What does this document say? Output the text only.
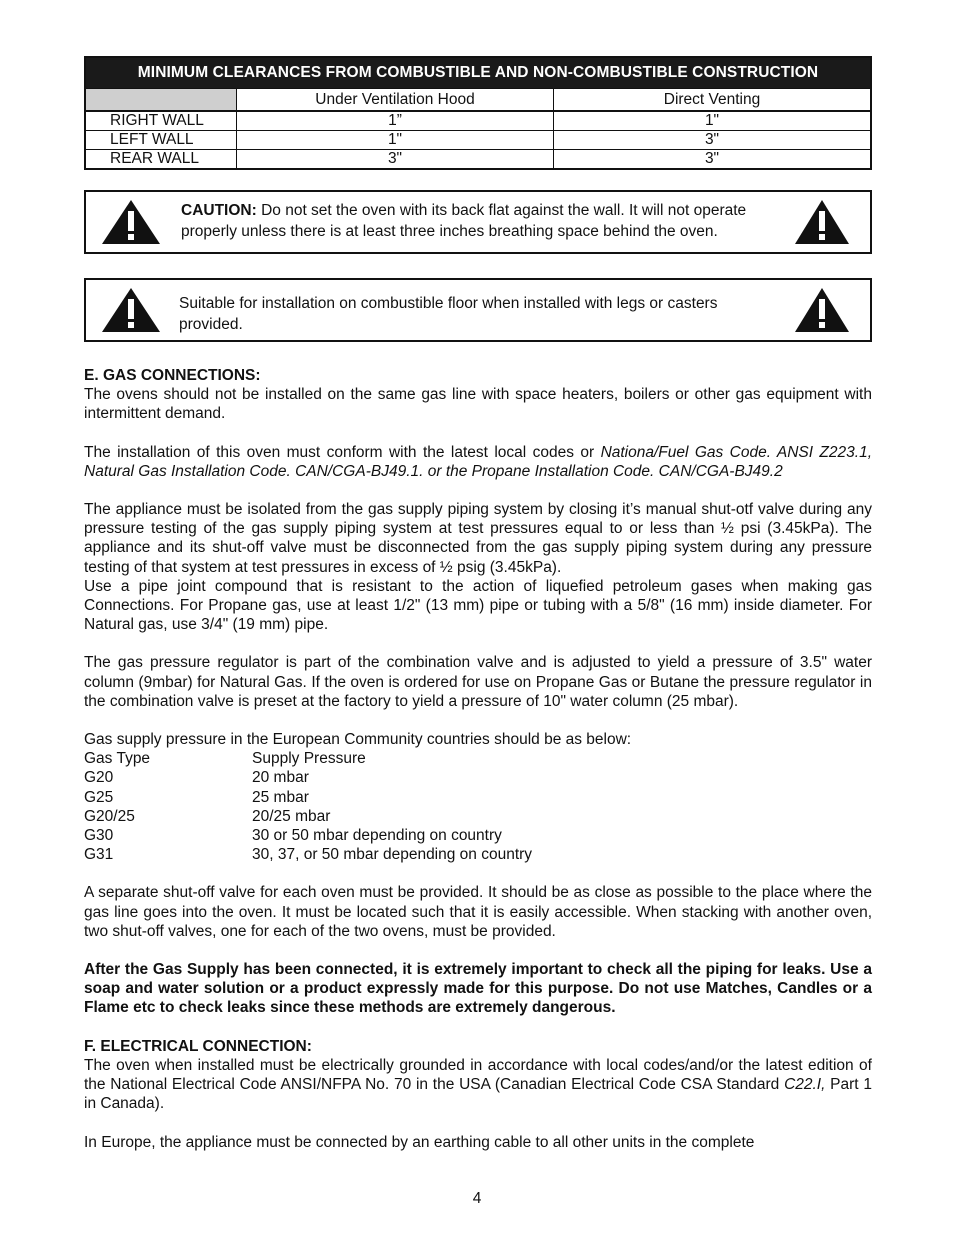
MINIMUM CLEARANCES FROM COMBUSTIBLE AND NON-COMBUSTIBLE CONSTRUCTION		
	Under Ventilation Hood	Direct Venting
RIGHT WALL	1”	1"
LEFT WALL	1"	3"
REAR WALL	3"	3"
CAUTION: Do not set the oven with its back flat against the wall. It will not operate properly unless there is at least three inches breathing space behind the oven.
Suitable for installation on combustible floor when installed with legs or casters provided.
E. GAS CONNECTIONS:

The ovens should not be installed on the same gas line with space heaters, boilers or other gas equipment with intermittent demand.

The installation of this oven must conform with the latest local codes or Nationa/Fuel Gas Code. ANSI Z223.1, Natural Gas Installation Code. CAN/CGA-BJ49.1. or the Propane Installation Code. CAN/CGA-BJ49.2

The appliance must be isolated from the gas supply piping system by closing it’s manual shut-otf valve during any pressure testing of the gas supply piping system at test pressures equal to or less than ½ psi (3.45kPa). The appliance and its shut-off valve must be disconnected from the gas supply piping system during any pressure testing of that system at test pressures in excess of ½ psig (3.45kPa).

Use a pipe joint compound that is resistant to the action of liquefied petroleum gases when making gas Connections. For Propane gas, use at least 1/2" (13 mm) pipe or tubing with a 5/8" (16 mm) inside diameter. For Natural gas, use 3/4" (19 mm) pipe.

The gas pressure regulator is part of the combination valve and is adjusted to yield a pressure of 3.5" water column (9mbar) for Natural Gas. If the oven is ordered for use on Propane Gas or Butane the pressure regulator in the combination valve is preset at the factory to yield a pressure of 10" water column (25 mbar).

Gas supply pressure in the European Community countries should be as below:

Gas Type	Supply Pressure
G20	20 mbar
G25	25 mbar
G20/25	20/25 mbar
G30	30 or 50 mbar depending on country
G31	30, 37, or 50 mbar depending on country

A separate shut-off valve for each oven must be provided. It should be as close as possible to the place where the gas line goes into the oven. It must be located such that it is easily accessible. When stacking with another oven, two shut-off valves, one for each of the two ovens, must be provided.

After the Gas Supply has been connected, it is extremely important to check all the piping for leaks. Use a soap and water solution or a product expressly made for this purpose. Do not use Matches, Candles or a Flame etc to check leaks since these methods are extremely dangerous.

F. ELECTRICAL CONNECTION:

The oven when installed must be electrically grounded in accordance with local codes/and/or the latest edition of the National Electrical Code ANSI/NFPA No. 70 in the USA (Canadian Electrical Code CSA Standard C22.I, Part 1 in Canada).

In Europe, the appliance must be connected by an earthing cable to all other units in the complete

4
